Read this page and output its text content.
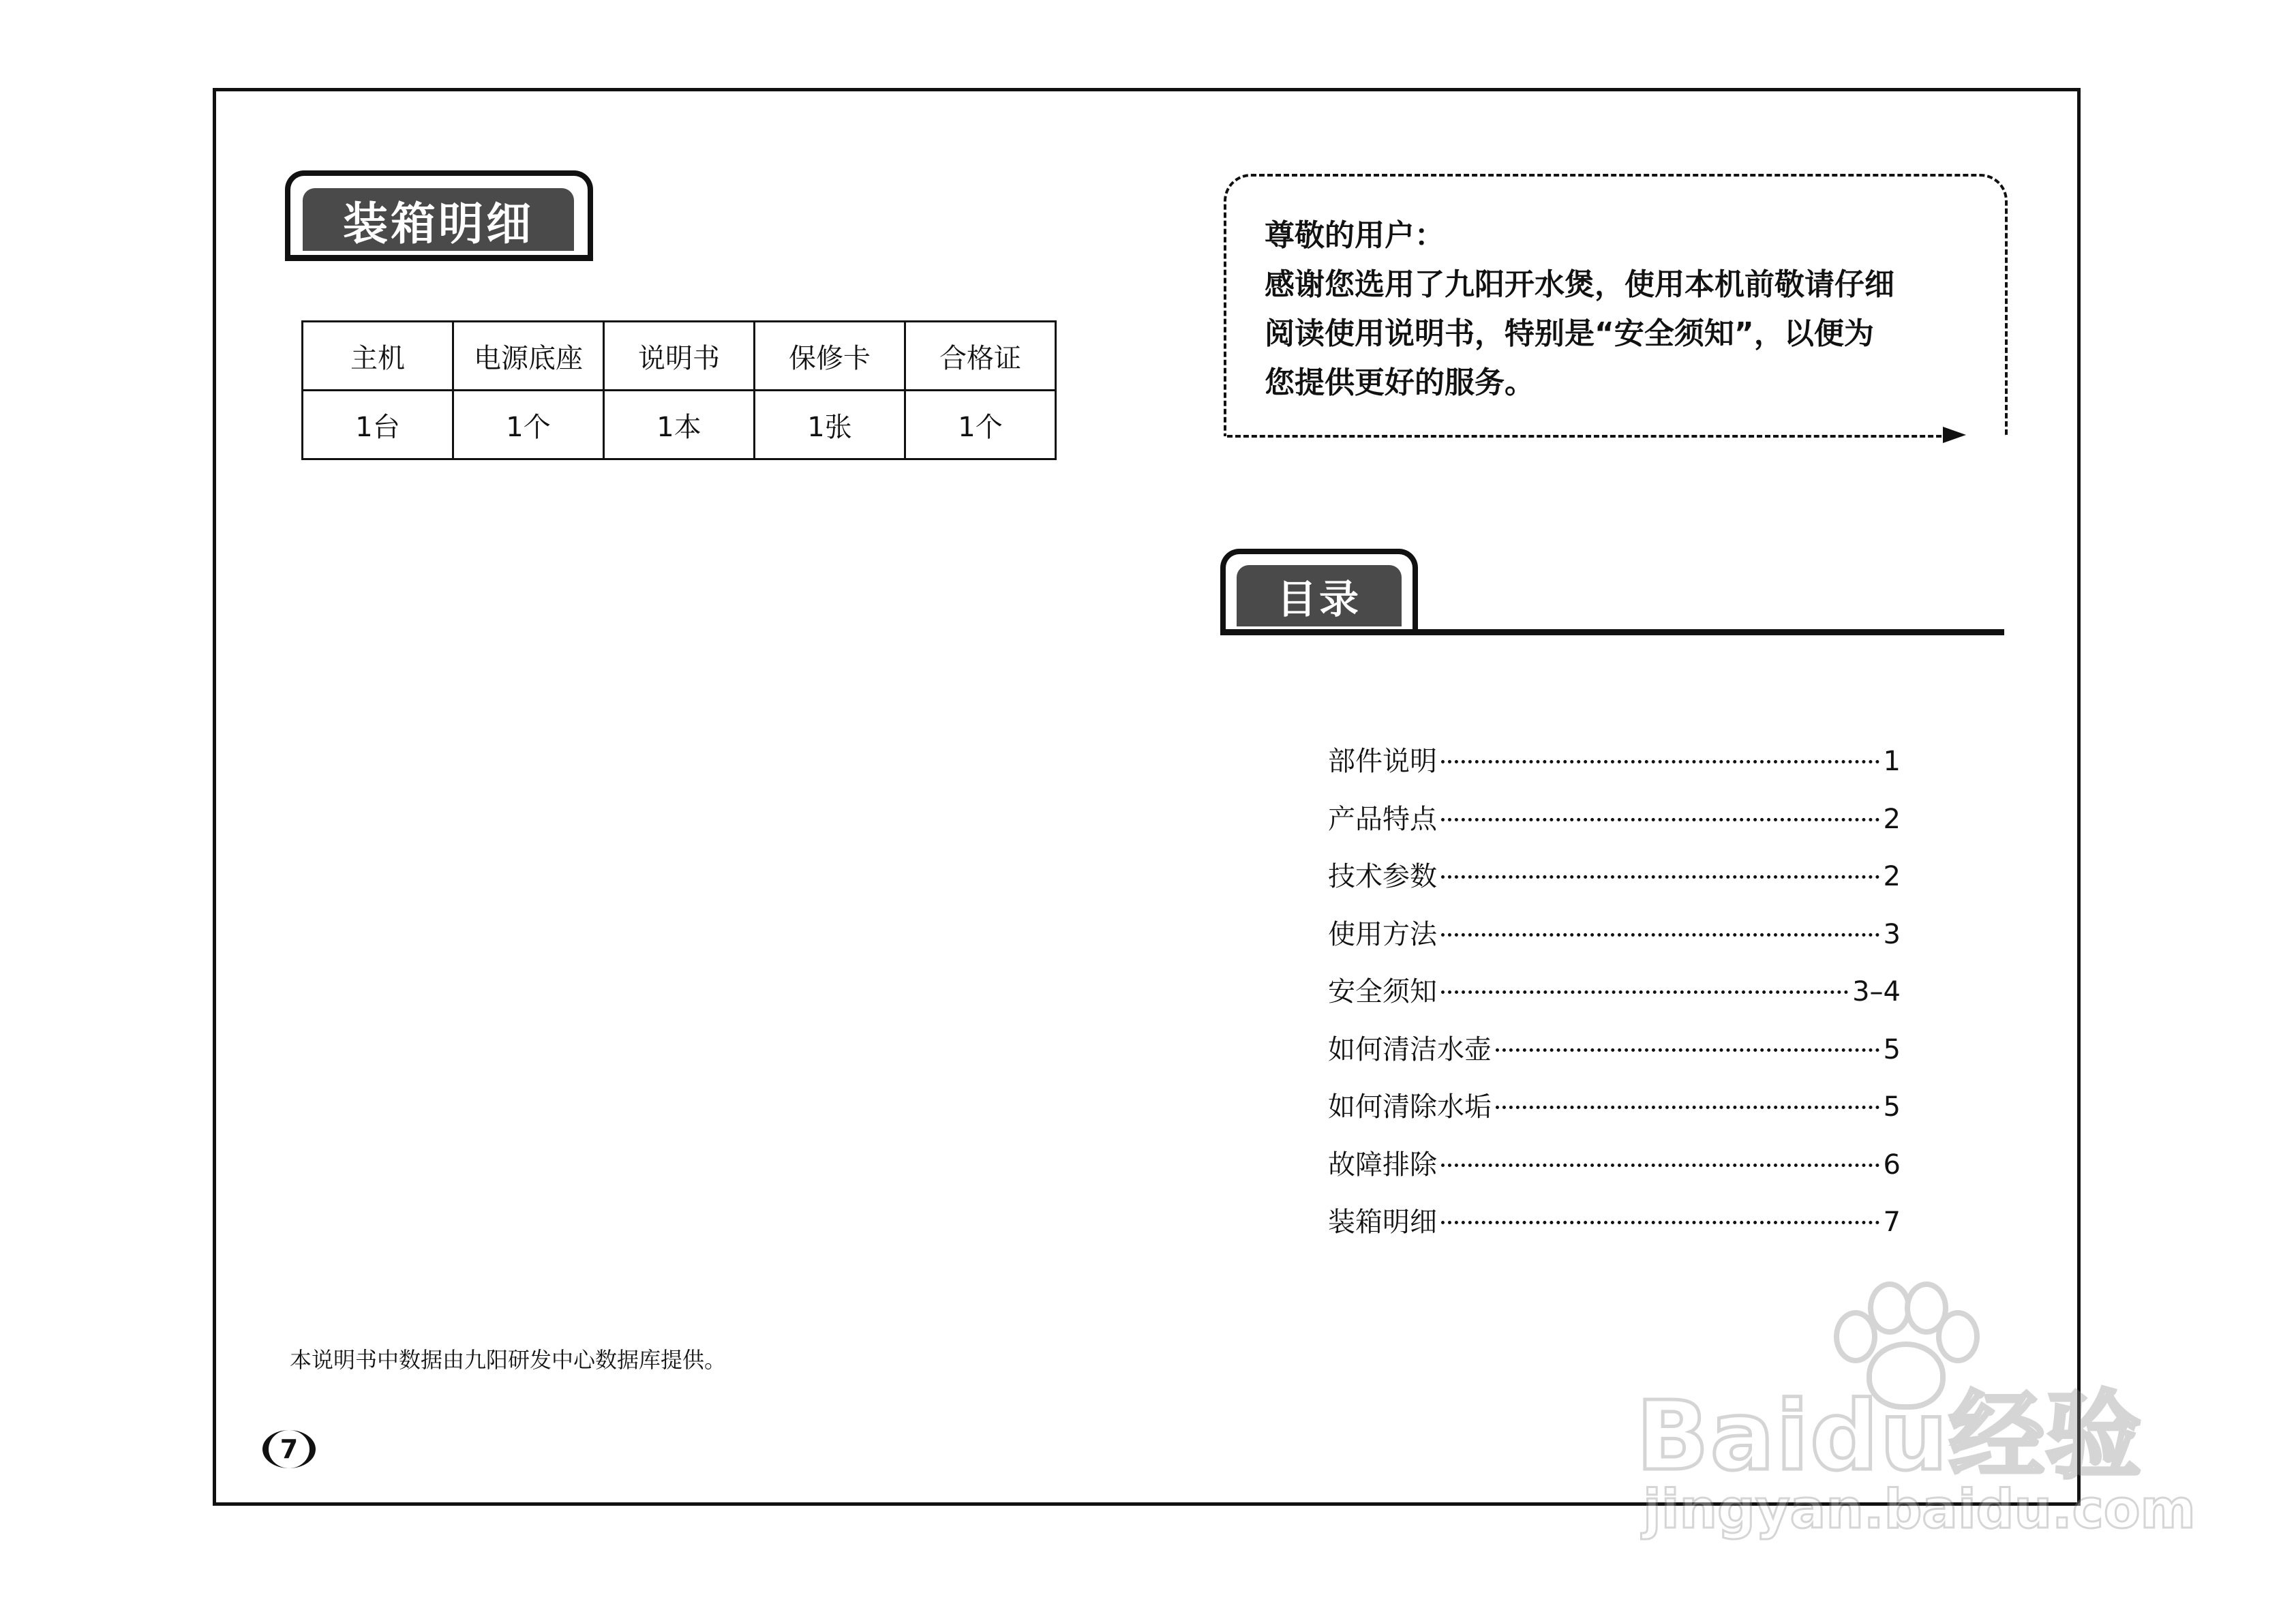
装箱明细
主机	电源底座	说明书	保修卡	合格证
1台	1个	1本	1张	1个

尊敬的用户：

感谢您选用了九阳开水煲，使用本机前敬请仔细

阅读使用说明书，特别是“安全须知”，以便为

您提供更好的服务。

目录
部件说明	1
产品特点	2
技术参数	2
使用方法	3
安全须知	3–4
如何清洁水壶	5
如何清除水垢	5
故障排除	6
装箱明细	7
本说明书中数据由九阳研发中心数据库提供。
7	Baidu经验
jingyan.baidu.com
